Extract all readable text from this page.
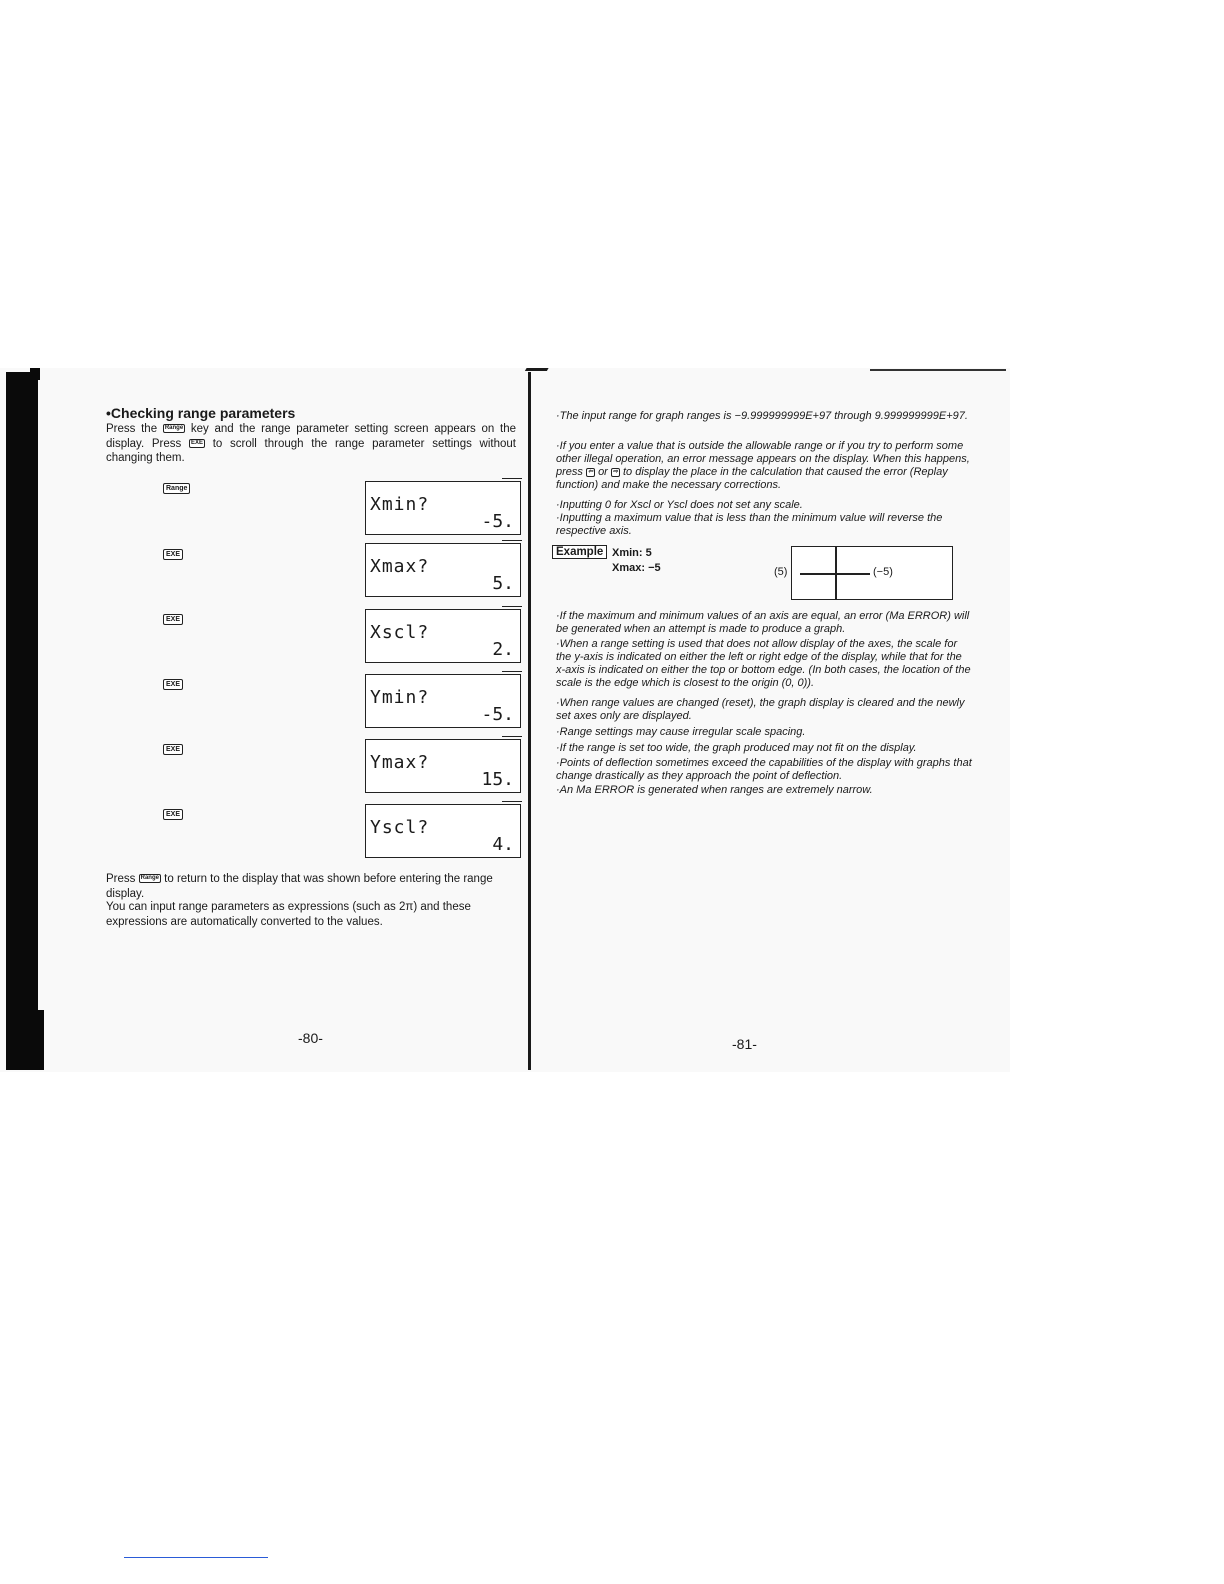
•Checking range parameters
Press the Range key and the range parameter setting screen appears on the display. Press EXE to scroll through the range parameter settings without changing them.
Range
Xmin?
-5.
EXE
Xmax?
5.
EXE
Xscl?
2.
EXE
Ymin?
-5.
EXE
Ymax?
15.
EXE
Yscl?
4.
Press Range to return to the display that was shown before entering the range display.
You can input range parameters as expressions (such as 2π) and these expressions are automatically converted to the values.
-80-
·The input range for graph ranges is −9.999999999E+97 through 9.999999999E+97.
·If you enter a value that is outside the allowable range or if you try to perform some other illegal operation, an error message appears on the display. When this happens, press ⇦ or ⇨ to display the place in the calculation that caused the error (Replay function) and make the necessary corrections.
·Inputting 0 for Xscl or Yscl does not set any scale.
·Inputting a maximum value that is less than the minimum value will reverse the respective axis.
Example Xmin: 5
Xmax: −5	(5)	(−5)
·If the maximum and minimum values of an axis are equal, an error (Ma ERROR) will be generated when an attempt is made to produce a graph.
·When a range setting is used that does not allow display of the axes, the scale for the y-axis is indicated on either the left or right edge of the display, while that for the x-axis is indicated on either the top or bottom edge. (In both cases, the location of the scale is the edge which is closest to the origin (0, 0)).
·When range values are changed (reset), the graph display is cleared and the newly set axes only are displayed.
·Range settings may cause irregular scale spacing.
·If the range is set too wide, the graph produced may not fit on the display.
·Points of deflection sometimes exceed the capabilities of the display with graphs that change drastically as they approach the point of deflection.
·An Ma ERROR is generated when ranges are extremely narrow.
-81-
